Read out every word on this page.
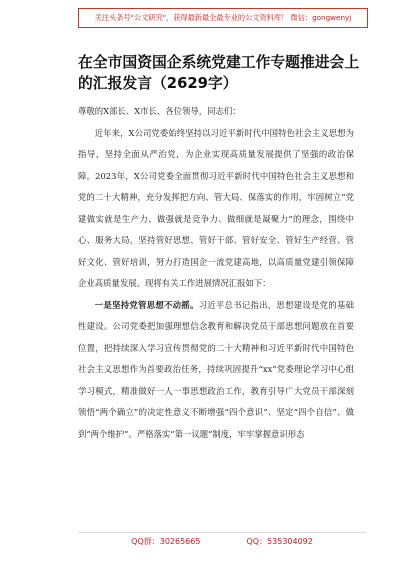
关注头条号"公文研究"，获得最新最全最专业的公文资料库！ 微信：gongwenyj
在全市国资国企系统党建工作专题推进会上的汇报发言（2629字）

尊敬的X部长、X市长、各位领导，同志们：

近年来，X公司党委始终坚持以习近平新时代中国特色社会主义思想为指导，坚持全面从严治党，为企业实现高质量发展提供了坚强的政治保障。2023年，X公司党委全面贯彻习近平新时代中国特色社会主义思想和党的二十大精神，充分发挥把方向、管大局、保落实的作用，牢固树立“党建做实就是生产力、做强就是竞争力、做细就是凝聚力”的理念，围绕中心、服务大局，坚持管好思想、管好干部、管好安全、管好生产经营、管好文化、管好培训，努力打造国企一流党建高地，以高质量党建引领保障企业高质量发展。现将有关工作进展情况汇报如下：

一是坚持党管思想不动摇。习近平总书记指出，思想建设是党的基础性建设。公司党委把加强理想信念教育和解决党员干部思想问题放在首要位置，把持续深入学习宣传贯彻党的二十大精神和习近平新时代中国特色社会主义思想作为首要政治任务，持续巩固提升“xx”党委理论学习中心组学习模式，精准做好一人一事思想政治工作，教育引导广大党员干部深刻领悟“两个确立”的决定性意义不断增强“四个意识”、坚定“四个自信”、做到“两个维护”。严格落实“第一议题”制度，牢牢掌握意识形态

QQ群：30265665	QQ：535304092
